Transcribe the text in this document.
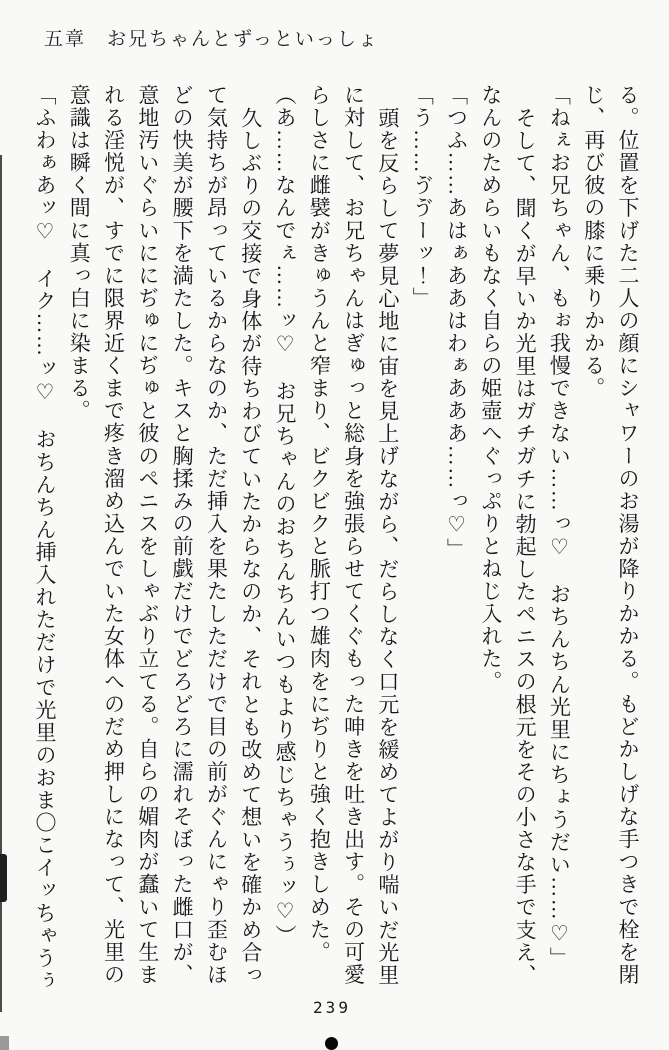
五章　お兄ちゃんとずっといっしょ
る。位置を下げた二人の顔にシャワーのお湯が降りかかる。もどかしげな手つきで栓を閉
じ、再び彼の膝に乗りかかる。
「ねぇお兄ちゃん、もぉ我慢できない……っ♡　おちんちん光里にちょうだい……♡」
そして、聞くが早いか光里はガチガチに勃起したペニスの根元をその小さな手で支え、
なんのためらいもなく自らの姫壺へぐっぷりとねじ入れた。
「つふ……あはぁああはわぁあああ……っ♡」
「う……ゔゔーッ！」
頭を反らして夢見心地に宙を見上げながら、だらしなく口元を緩めてよがり喘いだ光里
に対して、お兄ちゃんはぎゅっと総身を強張らせてくぐもった呻きを吐き出す。その可愛
らしさに雌襞がきゅうんと窄まり、ビクビクと脈打つ雄肉をにぢりと強く抱きしめた。
（あ……なんでぇ……ッ♡　お兄ちゃんのおちんちんいつもより感じちゃうぅッ♡）
久しぶりの交接で身体が待ちわびていたからなのか、それとも改めて想いを確かめ合っ
て気持ちが昂っているからなのか、ただ挿入を果たしただけで目の前がぐんにゃり歪むほ
どの快美が腰下を満たした。キスと胸揉みの前戯だけでどろどろに濡れそぼった雌口が、
意地汚いぐらいににぢゅにぢゅと彼のペニスをしゃぶり立てる。自らの媚肉が蠢いて生ま
れる淫悦が、すでに限界近くまで疼き溜め込んでいた女体へのだめ押しになって、光里の
意識は瞬く間に真っ白に染まる。
「ふわぁあッ♡　イク……ッ♡　おちんちん挿入れただけで光里のおま〇こイッちゃうぅ
239
